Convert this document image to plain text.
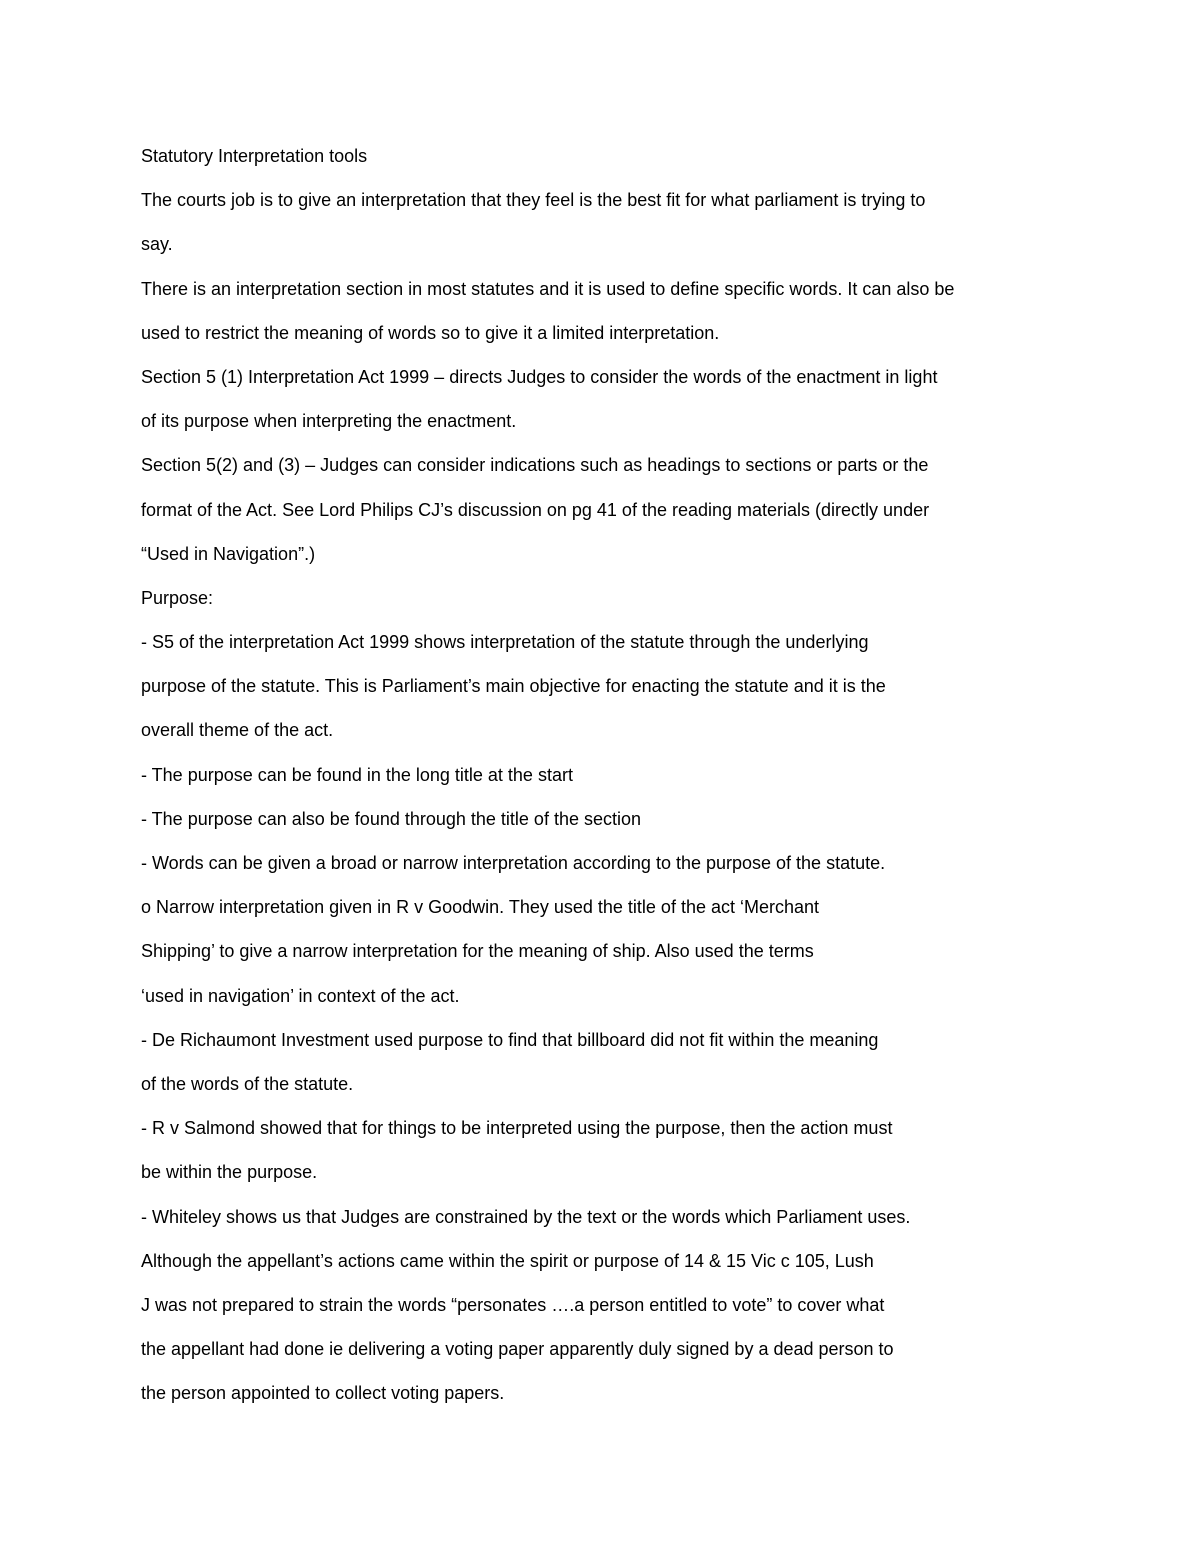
Statutory Interpretation tools
The courts job is to give an interpretation that they feel is the best fit for what parliament is trying to
say.
There is an interpretation section in most statutes and it is used to define specific words. It can also be
used to restrict the meaning of words so to give it a limited interpretation.
Section 5 (1) Interpretation Act 1999 – directs Judges to consider the words of the enactment in light
of its purpose when interpreting the enactment.
Section 5(2) and (3) – Judges can consider indications such as headings to sections or parts or the
format of the Act. See Lord Philips CJ’s discussion on pg 41 of the reading materials (directly under
“Used in Navigation”.)
Purpose:
- S5 of the interpretation Act 1999 shows interpretation of the statute through the underlying
purpose of the statute. This is Parliament’s main objective for enacting the statute and it is the
overall theme of the act.
- The purpose can be found in the long title at the start
- The purpose can also be found through the title of the section
- Words can be given a broad or narrow interpretation according to the purpose of the statute.
o Narrow interpretation given in R v Goodwin. They used the title of the act ‘Merchant
Shipping’ to give a narrow interpretation for the meaning of ship. Also used the terms
‘used in navigation’ in context of the act.
- De Richaumont Investment used purpose to find that billboard did not fit within the meaning
of the words of the statute.
- R v Salmond showed that for things to be interpreted using the purpose, then the action must
be within the purpose.
- Whiteley shows us that Judges are constrained by the text or the words which Parliament uses.
Although the appellant’s actions came within the spirit or purpose of 14 & 15 Vic c 105, Lush
J was not prepared to strain the words “personates ….a person entitled to vote” to cover what
the appellant had done ie delivering a voting paper apparently duly signed by a dead person to
the person appointed to collect voting papers.
